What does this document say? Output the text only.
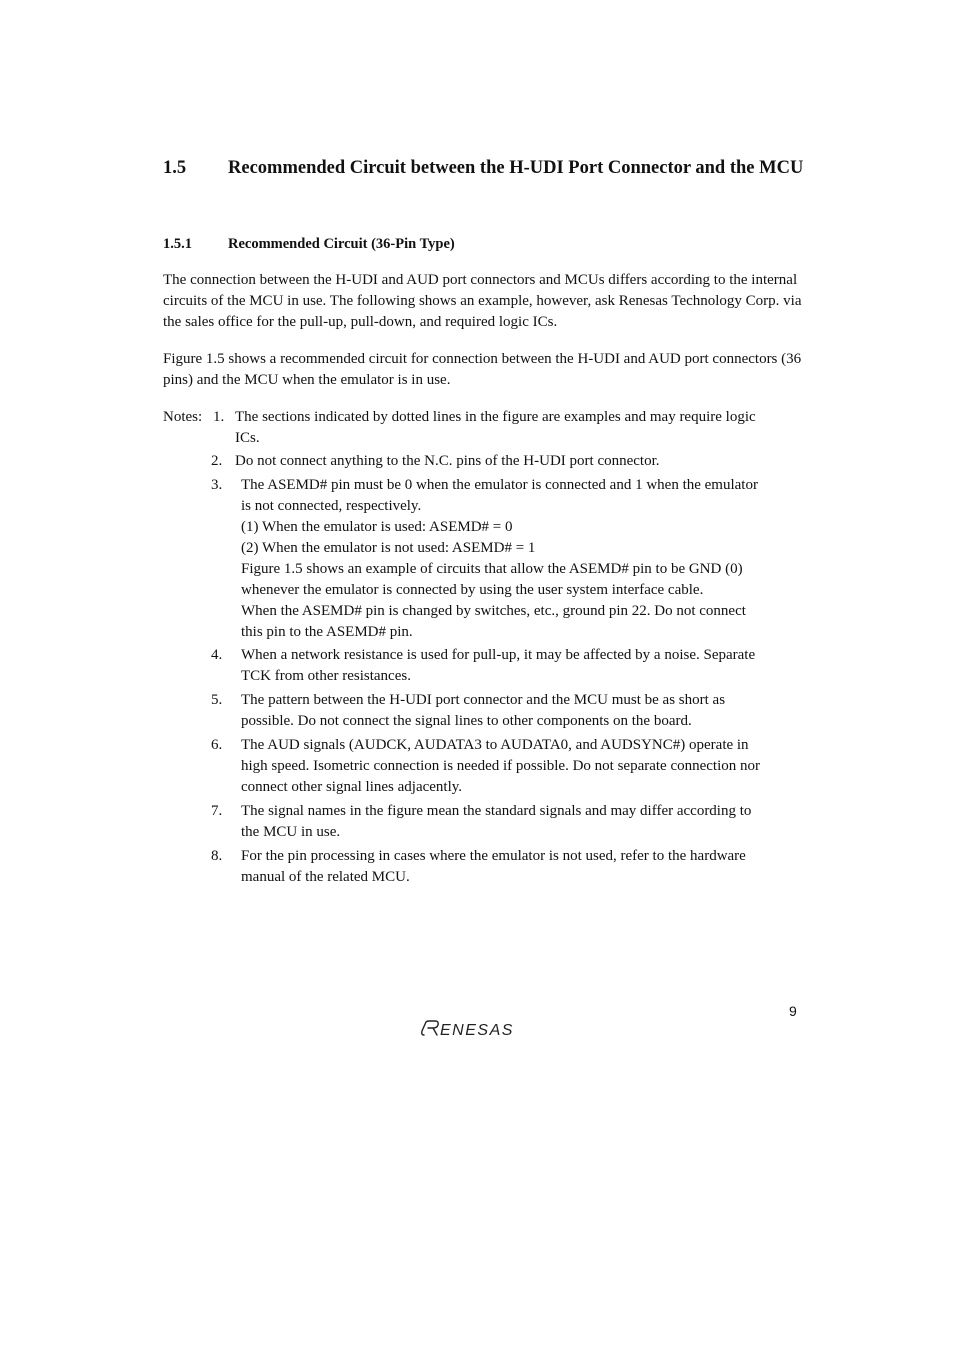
1.5 Recommended Circuit between the H-UDI Port Connector and the MCU
1.5.1 Recommended Circuit (36-Pin Type)
The connection between the H-UDI and AUD port connectors and MCUs differs according to the internal circuits of the MCU in use. The following shows an example, however, ask Renesas Technology Corp. via the sales office for the pull-up, pull-down, and required logic ICs.
Figure 1.5 shows a recommended circuit for connection between the H-UDI and AUD port connectors (36 pins) and the MCU when the emulator is in use.
Notes: 1. The sections indicated by dotted lines in the figure are examples and may require logic
ICs.
2. Do not connect anything to the N.C. pins of the H-UDI port connector.
3. The ASEMD# pin must be 0 when the emulator is connected and 1 when the emulator
is not connected, respectively.
(1) When the emulator is used: ASEMD# = 0
(2) When the emulator is not used: ASEMD# = 1
Figure 1.5 shows an example of circuits that allow the ASEMD# pin to be GND (0)
whenever the emulator is connected by using the user system interface cable.
When the ASEMD# pin is changed by switches, etc., ground pin 22. Do not connect
this pin to the ASEMD# pin.
4. When a network resistance is used for pull-up, it may be affected by a noise. Separate
TCK from other resistances.
5. The pattern between the H-UDI port connector and the MCU must be as short as
possible. Do not connect the signal lines to other components on the board.
6. The AUD signals (AUDCK, AUDATA3 to AUDATA0, and AUDSYNC#) operate in
high speed. Isometric connection is needed if possible. Do not separate connection nor
connect other signal lines adjacently.
7. The signal names in the figure mean the standard signals and may differ according to
the MCU in use.
8. For the pin processing in cases where the emulator is not used, refer to the hardware
manual of the related MCU.
9
ENESAS
